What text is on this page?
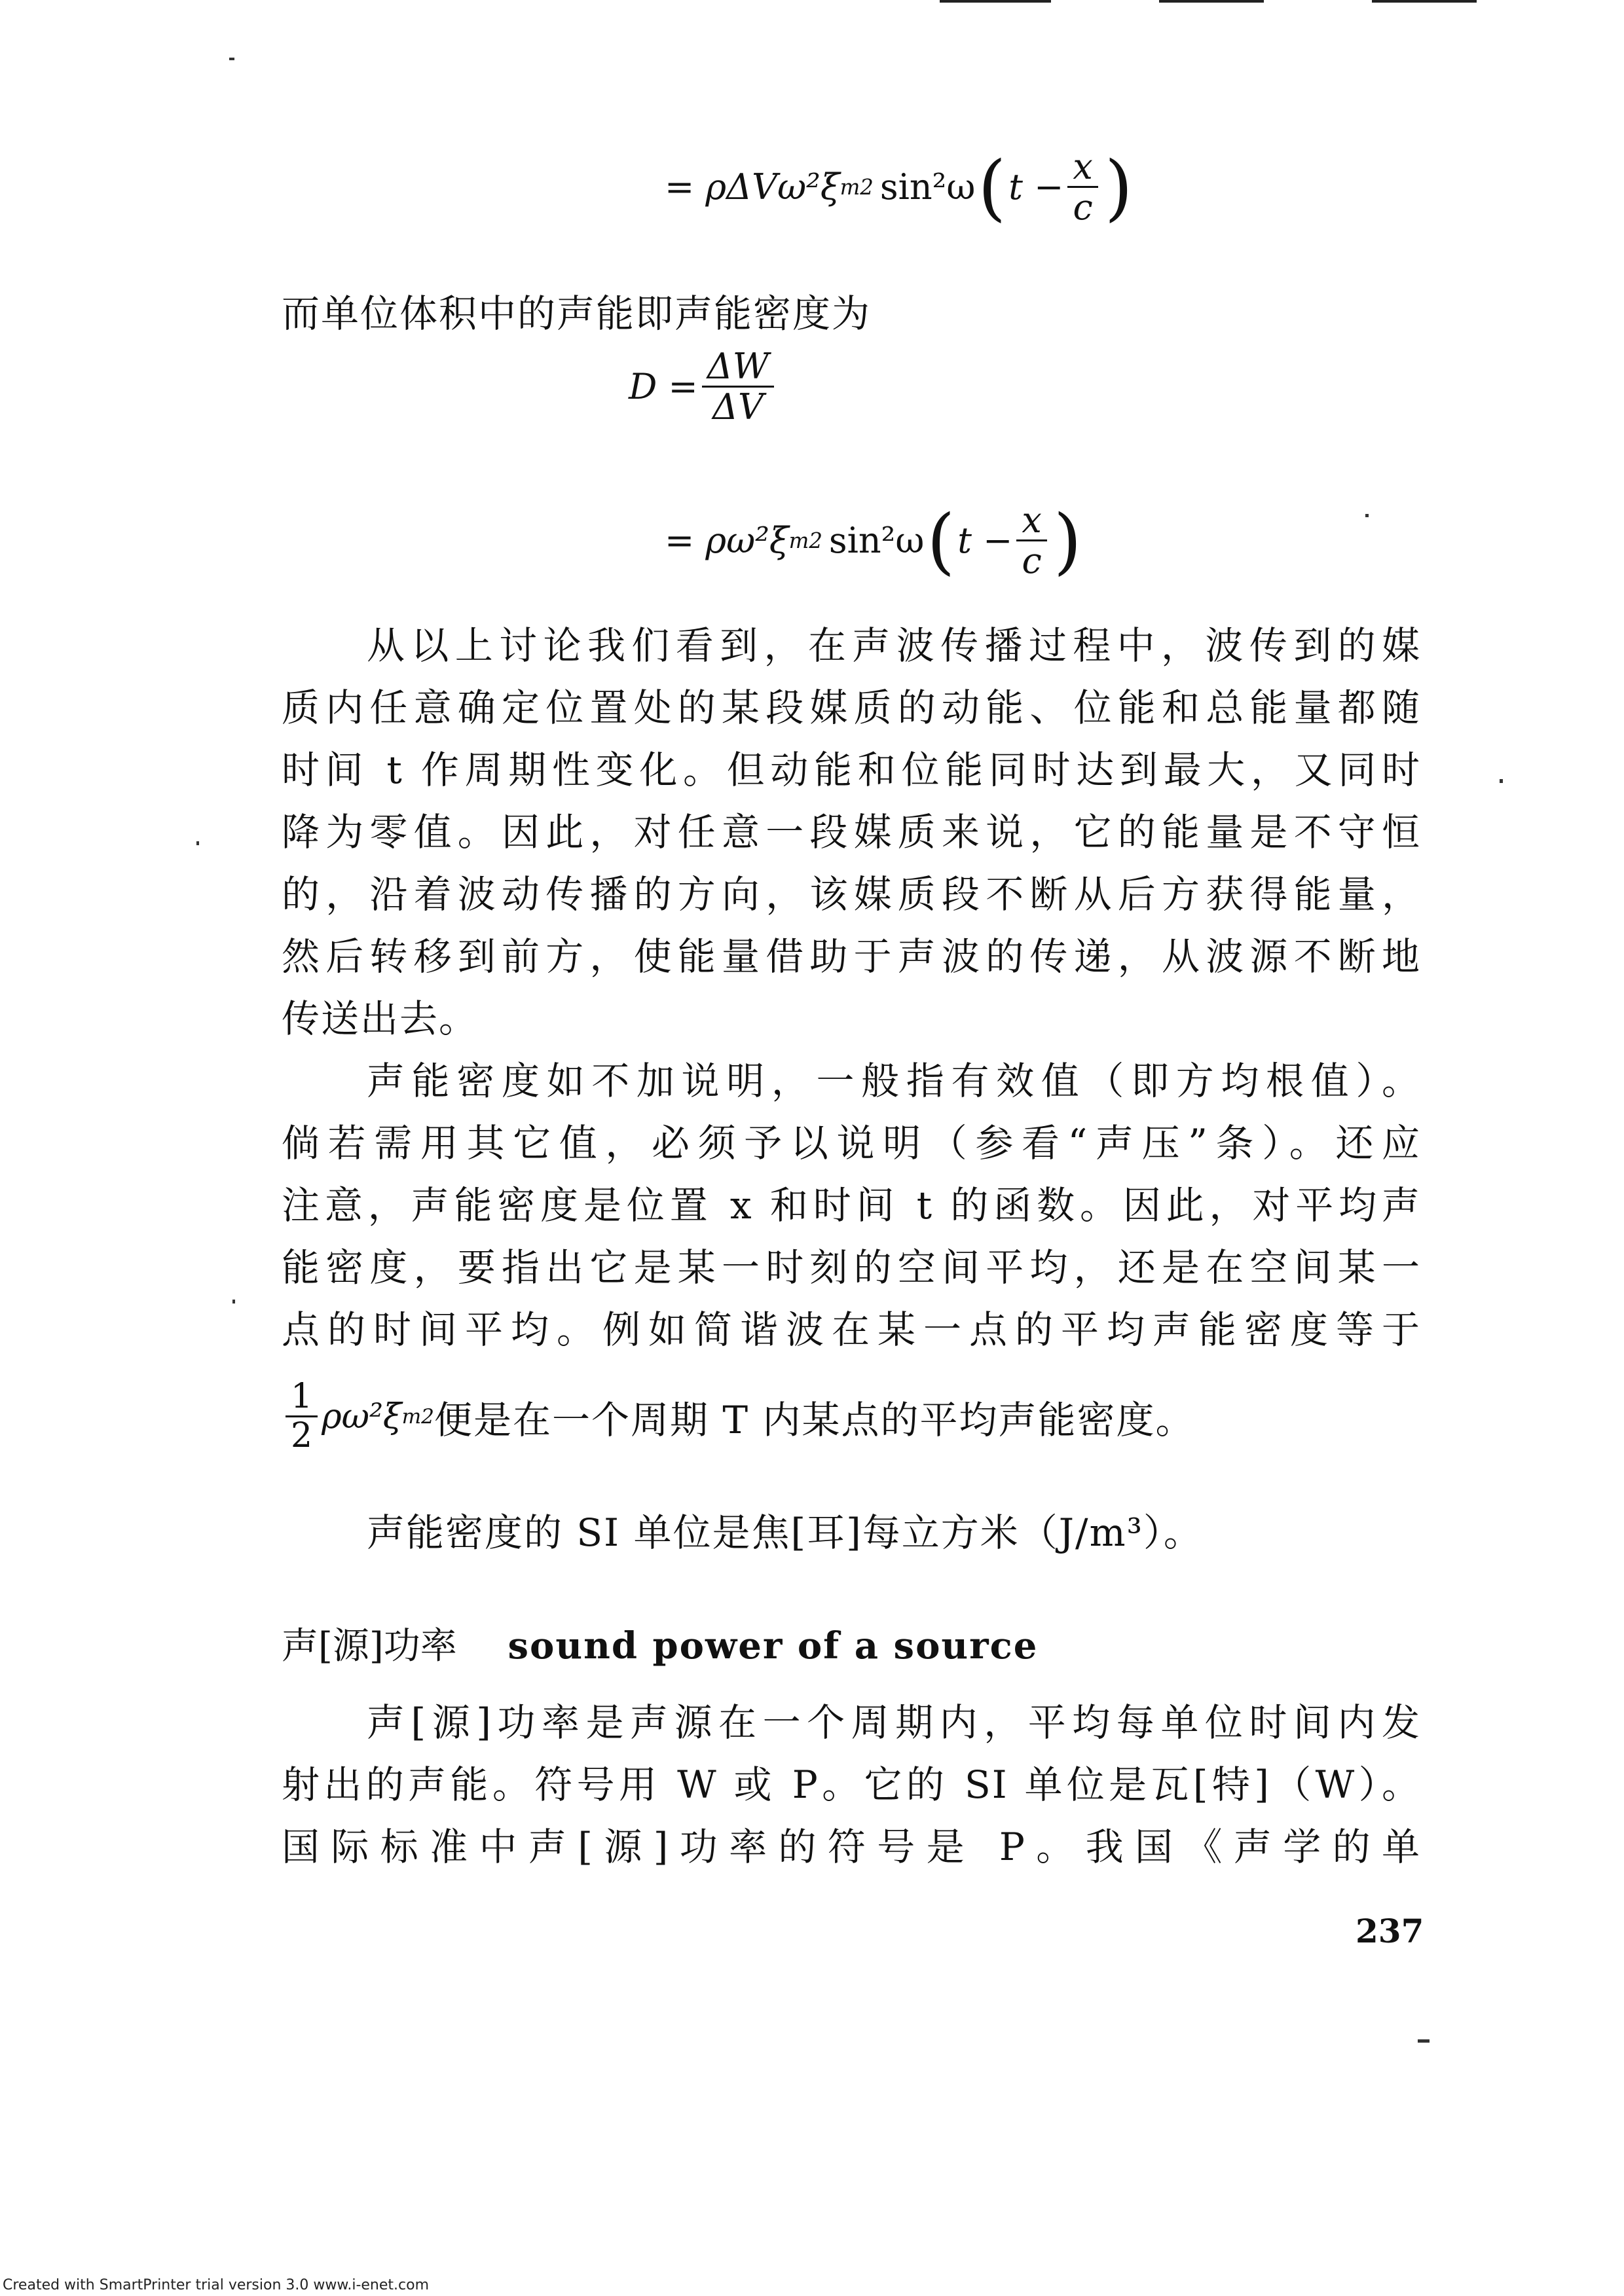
= ρΔVω²ξ m 2 sin²ω ( $t - \frac{x}{c}$ )
而单位体积中的声能即声能密度为
$D = \frac{\Delta W}{\Delta V}$
= ρω²ξ m 2 sin²ω ( $t - \frac{x}{c}$ )
从以上讨论我们看到，在声波传播过程中，波传到的媒
质内任意确定位置处的某段媒质的动能、位能和总能量都随
时间 t 作周期性变化。但动能和位能同时达到最大，又同时
降为零值。因此，对任意一段媒质来说，它的能量是不守恒
的，沿着波动传播的方向，该媒质段不断从后方获得能量，
然后转移到前方，使能量借助于声波的传递，从波源不断地
传送出去。
声能密度如不加说明，一般指有效值（即方均根值）。
倘若需用其它值，必须予以说明（参看“声压”条）。还应
注意，声能密度是位置 x 和时间 t 的函数。因此，对平均声
能密度，要指出它是某一时刻的空间平均，还是在空间某一
点的时间平均。例如简谐波在某一点的平均声能密度等于
$\frac{1}{2} \rho\omega^2\xi$ m 2 便是在一个周期 T 内某点的平均声能密度。
声能密度的 SI 单位是焦[耳]每立方米（J/m³）。
声[源]功率 sound power of a source
声[源]功率是声源在一个周期内，平均每单位时间内发
射出的声能。符号用 W 或 P。它的 SI 单位是瓦[特]（W）。
国际标准中声[源]功率的符号是 P。我国《声学的单
237
Created with SmartPrinter trial version 3.0 www.i-enet.com
